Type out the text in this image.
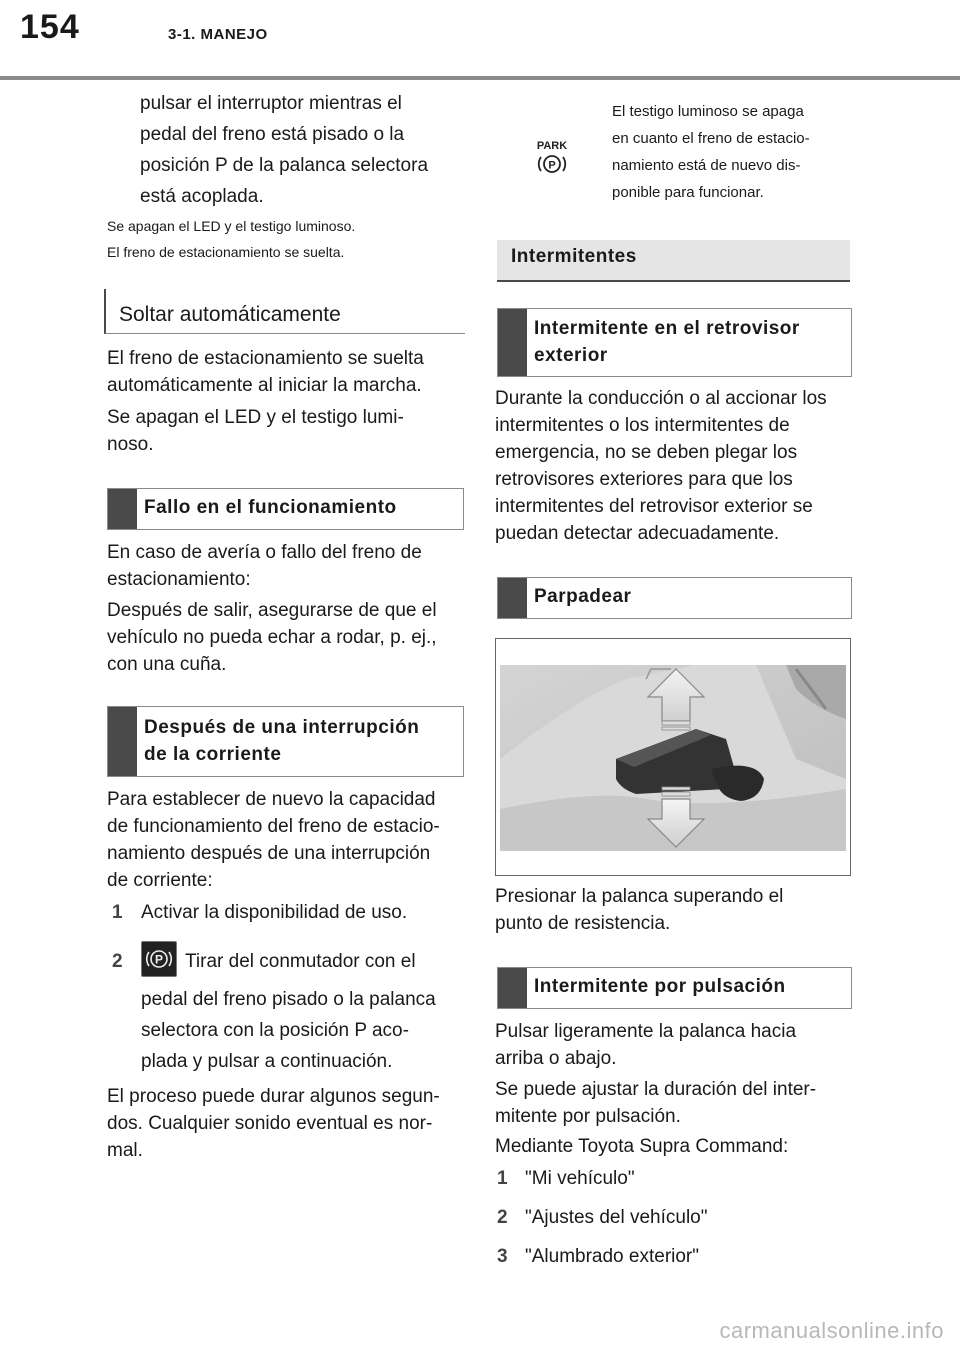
154	3-1. MANEJO
pulsar el interruptor mientras el
pedal del freno está pisado o la
posición P de la palanca selectora
está acoplada.
Se apagan el LED y el testigo luminoso.
El freno de estacionamiento se suelta.
Soltar automáticamente
El freno de estacionamiento se suelta
automáticamente al iniciar la marcha.
Se apagan el LED y el testigo lumi-
noso.
Fallo en el funcionamiento
En caso de avería o fallo del freno de
estacionamiento:
Después de salir, asegurarse de que el
vehículo no pueda echar a rodar, p. ej.,
con una cuña.
Después de una interrupción
de la corriente
Para establecer de nuevo la capacidad
de funcionamiento del freno de estacio-
namiento después de una interrupción
de corriente:
1 Activar la disponibilidad de uso.
2	P Tirar del conmutador con el
pedal del freno pisado o la palanca
selectora con la posición P aco-
plada y pulsar a continuación.
El proceso puede durar algunos segun-
dos. Cualquier sonido eventual es nor-
mal.
PARK
P
El testigo luminoso se apaga
en cuanto el freno de estacio-
namiento está de nuevo dis-
ponible para funcionar.
Intermitentes
Intermitente en el retrovisor
exterior
Durante la conducción o al accionar los
intermitentes o los intermitentes de
emergencia, no se deben plegar los
retrovisores exteriores para que los
intermitentes del retrovisor exterior se
puedan detectar adecuadamente.
Parpadear
Presionar la palanca superando el
punto de resistencia.
Intermitente por pulsación
Pulsar ligeramente la palanca hacia
arriba o abajo.
Se puede ajustar la duración del inter-
mitente por pulsación.
Mediante Toyota Supra Command:
1 "Mi vehículo"
2 "Ajustes del vehículo"
3 "Alumbrado exterior"
carmanualsonline.info
